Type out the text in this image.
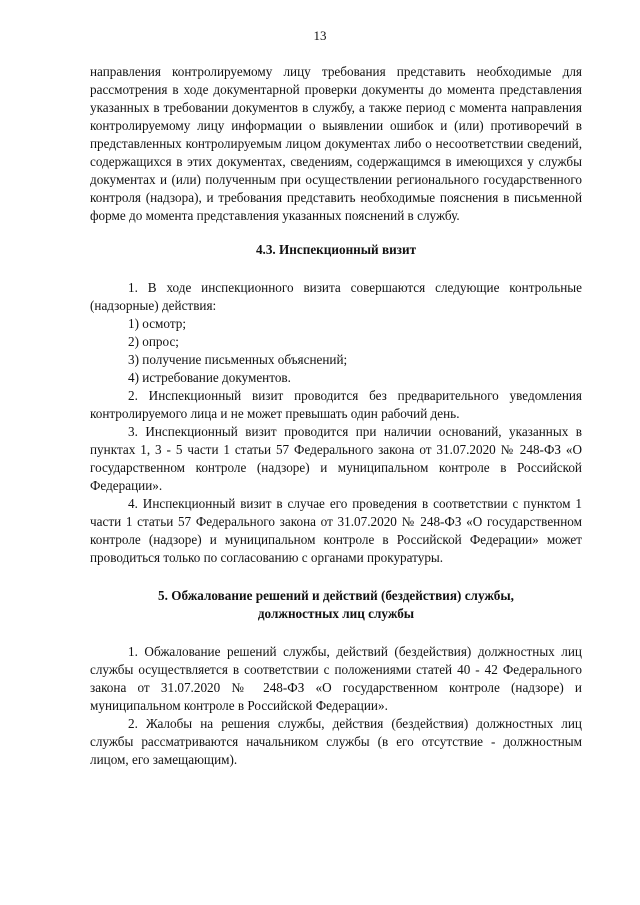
13

направления контролируемому лицу требования представить необходимые для рассмотрения в ходе документарной проверки документы до момента представления указанных в требовании документов в службу, а также период с момента направления контролируемому лицу информации о выявлении ошибок и (или) противоречий в представленных контролируемым лицом документах либо о несоответствии сведений, содержащихся в этих документах, сведениям, содержащимся в имеющихся у службы документах и (или) полученным при осуществлении регионального государственного контроля (надзора), и требования представить необходимые пояснения в письменной форме до момента представления указанных пояснений в службу.

4.3. Инспекционный визит

1. В ходе инспекционного визита совершаются следующие контрольные (надзорные) действия:

1) осмотр;

2) опрос;

3) получение письменных объяснений;

4) истребование документов.

2. Инспекционный визит проводится без предварительного уведомления контролируемого лица и не может превышать один рабочий день.

3. Инспекционный визит проводится при наличии оснований, указанных в пунктах 1, 3 - 5 части 1 статьи 57 Федерального закона от 31.07.2020 № 248-ФЗ «О государственном контроле (надзоре) и муниципальном контроле в Российской Федерации».

4. Инспекционный визит в случае его проведения в соответствии с пунктом 1 части 1 статьи 57 Федерального закона от 31.07.2020 № 248-ФЗ «О государственном контроле (надзоре) и муниципальном контроле в Российской Федерации» может проводиться только по согласованию с органами прокуратуры.

5. Обжалование решений и действий (бездействия) службы,
должностных лиц службы

1. Обжалование решений службы, действий (бездействия) должностных лиц службы осуществляется в соответствии с положениями статей 40 - 42 Федерального закона от 31.07.2020 № 248-ФЗ «О государственном контроле (надзоре) и муниципальном контроле в Российской Федерации».

2. Жалобы на решения службы, действия (бездействия) должностных лиц службы рассматриваются начальником службы (в его отсутствие - должностным лицом, его замещающим).
